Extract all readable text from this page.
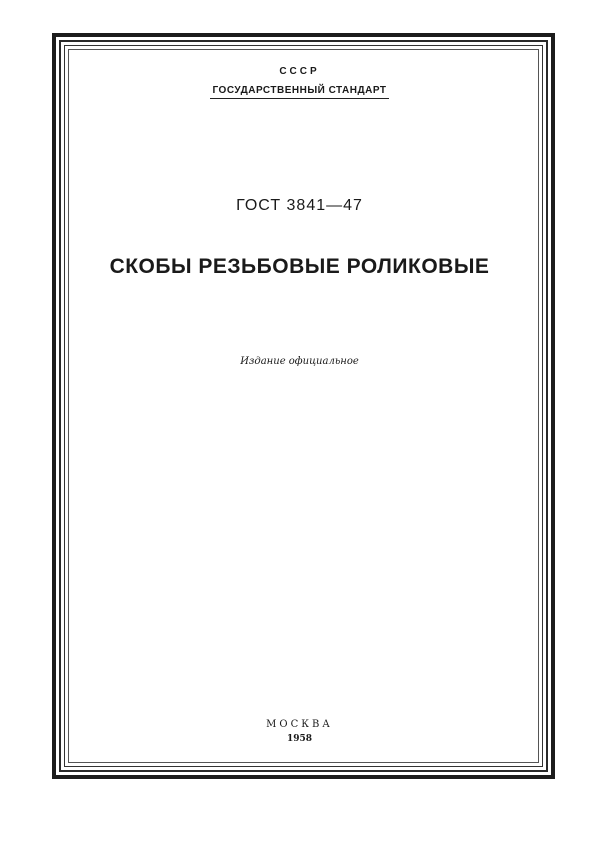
СССР
ГОСУДАРСТВЕННЫЙ СТАНДАРТ
ГОСТ 3841—47
СКОБЫ РЕЗЬБОВЫЕ РОЛИКОВЫЕ
Издание официальное
МОСКВА
1958
